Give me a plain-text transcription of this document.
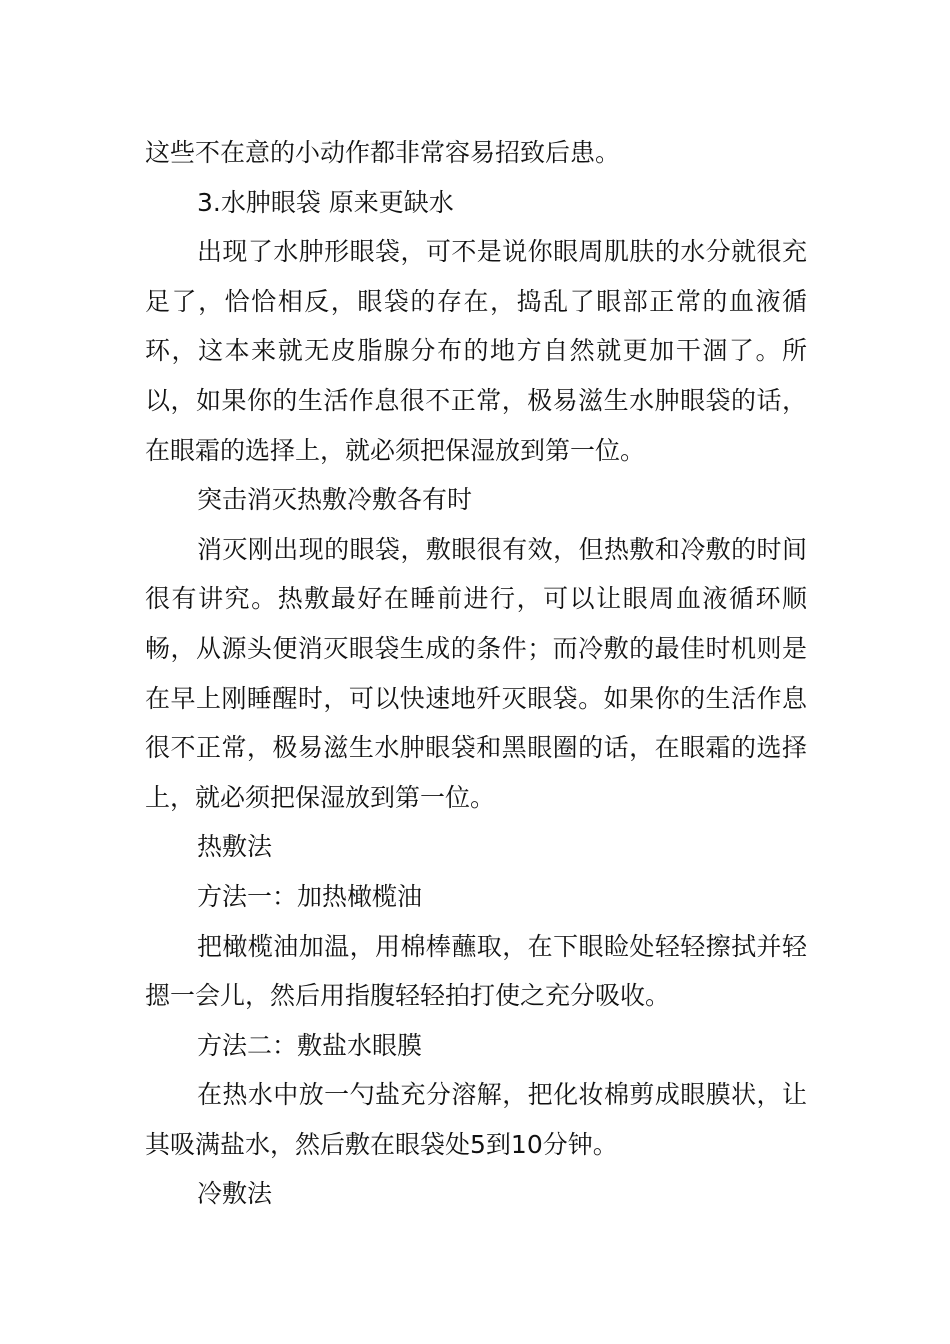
这些不在意的小动作都非常容易招致后患。

3.水肿眼袋 原来更缺水

出现了水肿形眼袋，可不是说你眼周肌肤的水分就很充足了，恰恰相反，眼袋的存在，捣乱了眼部正常的血液循环，这本来就无皮脂腺分布的地方自然就更加干涸了。所以，如果你的生活作息很不正常，极易滋生水肿眼袋的话，在眼霜的选择上，就必须把保湿放到第一位。

突击消灭热敷冷敷各有时

消灭刚出现的眼袋，敷眼很有效，但热敷和冷敷的时间很有讲究。热敷最好在睡前进行，可以让眼周血液循环顺畅，从源头便消灭眼袋生成的条件；而冷敷的最佳时机则是在早上刚睡醒时，可以快速地歼灭眼袋。如果你的生活作息很不正常，极易滋生水肿眼袋和黑眼圈的话，在眼霜的选择上，就必须把保湿放到第一位。

热敷法

方法一：加热橄榄油

把橄榄油加温，用棉棒蘸取，在下眼睑处轻轻擦拭并轻摁一会儿，然后用指腹轻轻拍打使之充分吸收。

方法二：敷盐水眼膜

在热水中放一勺盐充分溶解，把化妆棉剪成眼膜状，让其吸满盐水，然后敷在眼袋处5到10分钟。

冷敷法
